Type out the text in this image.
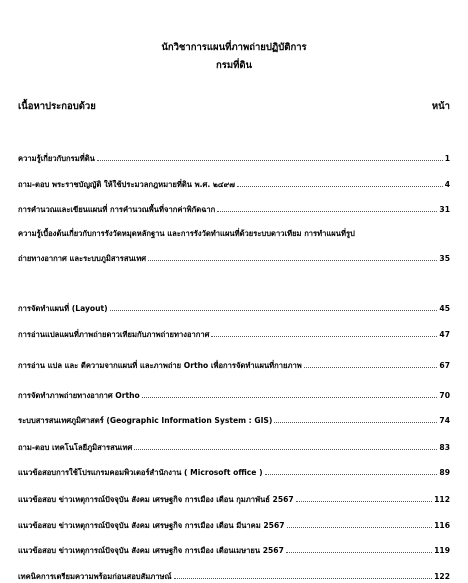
นักวิชาการแผนที่ภาพถ่ายปฏิบัติการ
กรมที่ดิน
เนื้อหาประกอบด้วย	หน้า
ความรู้เกี่ยวกับกรมที่ดิน	1
ถาม-ตอบ พระราชบัญญัติ ให้ใช้ประมวลกฎหมายที่ดิน พ.ศ. ๒๔๙๗	4
การคำนวณและเขียนแผนที่ การคำนวณพื้นที่จากค่าพิกัดฉาก	31
ความรู้เบื้องต้นเกี่ยวกับการรังวัดหมุดหลักฐาน และการรังวัดทำแผนที่ด้วยระบบดาวเทียม การทำแผนที่รูป
ถ่ายทางอากาศ และระบบภูมิสารสนเทศ	35
การจัดทำแผนที่ (Layout)	45
การอ่านแปลแผนที่ภาพถ่ายดาวเทียมกับภาพถ่ายทางอากาศ	47
การอ่าน แปล และ ตีความจากแผนที่ และภาพถ่าย Ortho เพื่อการจัดทำแผนที่กายภาพ	67
การจัดทำภาพถ่ายทางอากาศ Ortho	70
ระบบสารสนเทศภูมิศาสตร์ (Geographic Information System : GIS)	74
ถาม-ตอบ เทคโนโลยีภูมิสารสนเทศ	83
แนวข้อสอบการใช้โปรแกรมคอมพิวเตอร์สำนักงาน ( Microsoft office )	89
แนวข้อสอบ ข่าวเหตุการณ์ปัจจุบัน สังคม เศรษฐกิจ การเมือง เดือน กุมภาพันธ์ 2567	112
แนวข้อสอบ ข่าวเหตุการณ์ปัจจุบัน สังคม เศรษฐกิจ การเมือง เดือน มีนาคม 2567	116
แนวข้อสอบ ข่าวเหตุการณ์ปัจจุบัน สังคม เศรษฐกิจ การเมือง เดือนเมษายน 2567	119
เทคนิคการเตรียมความพร้อมก่อนสอบสัมภาษณ์	122
